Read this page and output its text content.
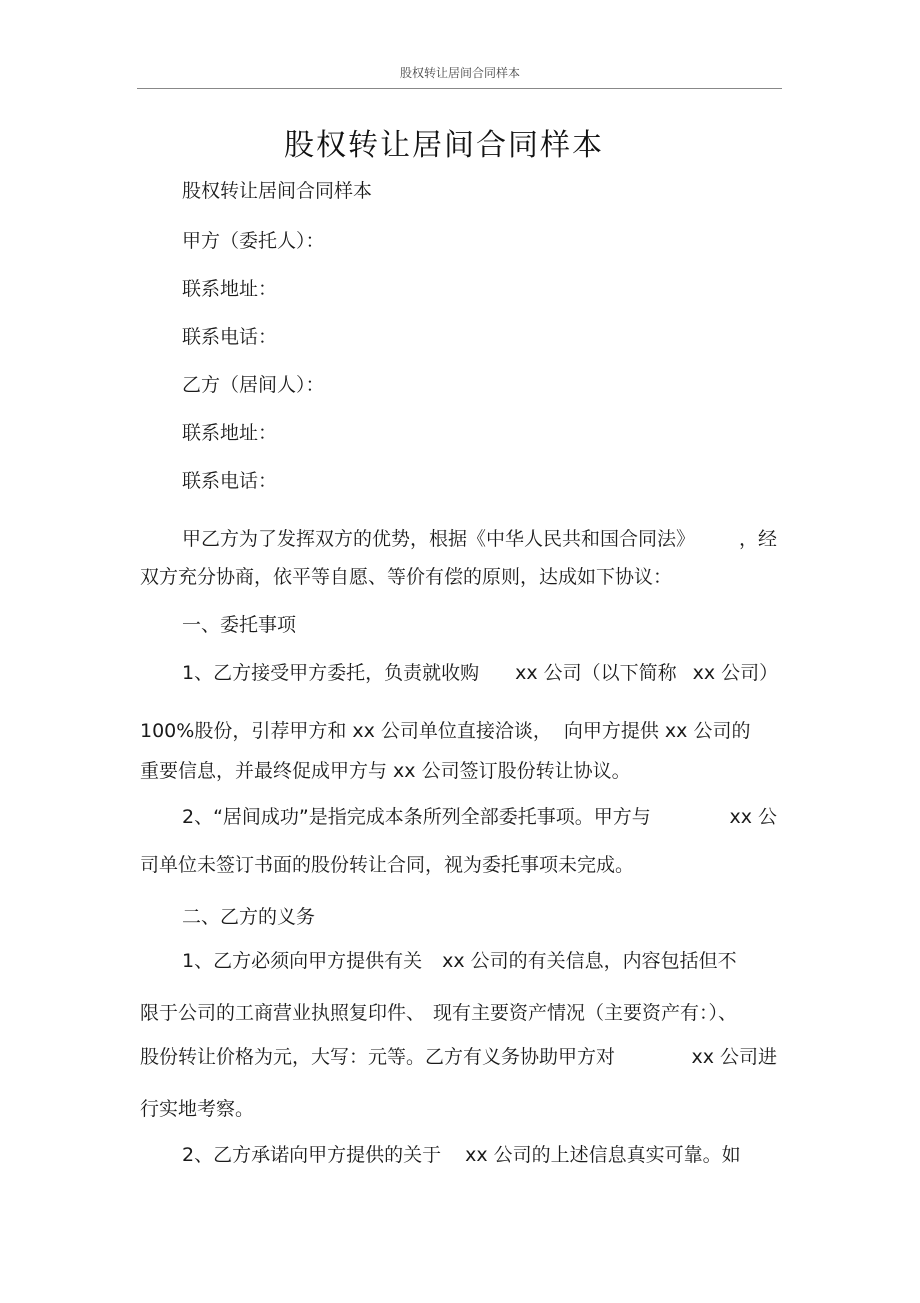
股权转让居间合同样本
股权转让居间合同样本
股权转让居间合同样本
甲方（委托人）：
联系地址：
联系电话：
乙方（居间人）：
联系地址：
联系电话：
甲乙方为了发挥双方的优势，根据《中华人民共和国合同法》 ，经
双方充分协商，依平等自愿、等价有偿的原则，达成如下协议：
一、委托事项
1、乙方接受甲方委托，负责就收购 xx 公司（以下简称 xx 公司）
100%股份，引荐甲方和 xx 公司单位直接洽谈， 向甲方提供 xx 公司的
重要信息，并最终促成甲方与 xx 公司签订股份转让协议。
2、“居间成功”是指完成本条所列全部委托事项。甲方与	xx 公
司单位未签订书面的股份转让合同，视为委托事项未完成。
二、乙方的义务
1、乙方必须向甲方提供有关 xx 公司的有关信息，内容包括但不
限于公司的工商营业执照复印件、 现有主要资产情况（主要资产有：）、
股份转让价格为元，大写：元等。乙方有义务协助甲方对	xx 公司进
行实地考察。
2、乙方承诺向甲方提供的关于 xx 公司的上述信息真实可靠。如
